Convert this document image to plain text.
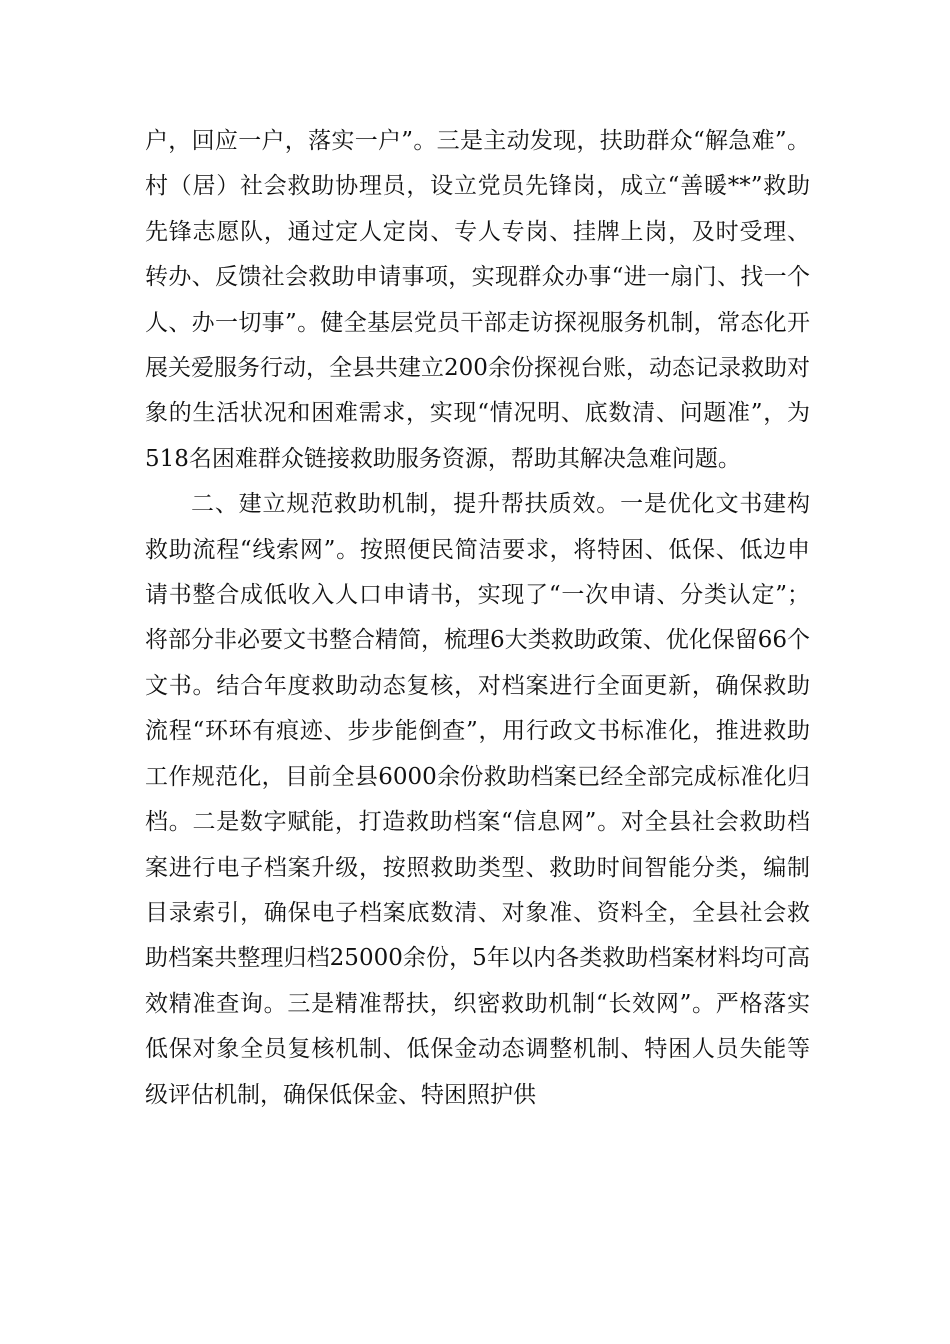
户，回应一户，落实一户”。三是主动发现，扶助群众“解急难”。村（居）社会救助协理员，设立党员先锋岗，成立“善暖**”救助先锋志愿队，通过定人定岗、专人专岗、挂牌上岗，及时受理、转办、反馈社会救助申请事项，实现群众办事“进一扇门、找一个人、办一切事”。健全基层党员干部走访探视服务机制，常态化开展关爱服务行动，全县共建立200余份探视台账，动态记录救助对象的生活状况和困难需求，实现“情况明、底数清、问题准”，为518名困难群众链接救助服务资源，帮助其解决急难问题。

二、建立规范救助机制，提升帮扶质效。一是优化文书建构救助流程“线索网”。按照便民简洁要求，将特困、低保、低边申请书整合成低收入人口申请书，实现了“一次申请、分类认定”；将部分非必要文书整合精简，梳理6大类救助政策、优化保留66个文书。结合年度救助动态复核，对档案进行全面更新，确保救助流程“环环有痕迹、步步能倒查”，用行政文书标准化，推进救助工作规范化，目前全县6000余份救助档案已经全部完成标准化归档。二是数字赋能，打造救助档案“信息网”。对全县社会救助档案进行电子档案升级，按照救助类型、救助时间智能分类，编制目录索引，确保电子档案底数清、对象准、资料全，全县社会救助档案共整理归档25000余份，5年以内各类救助档案材料均可高效精准查询。三是精准帮扶，织密救助机制“长效网”。严格落实低保对象全员复核机制、低保金动态调整机制、特困人员失能等级评估机制，确保低保金、特困照护供
